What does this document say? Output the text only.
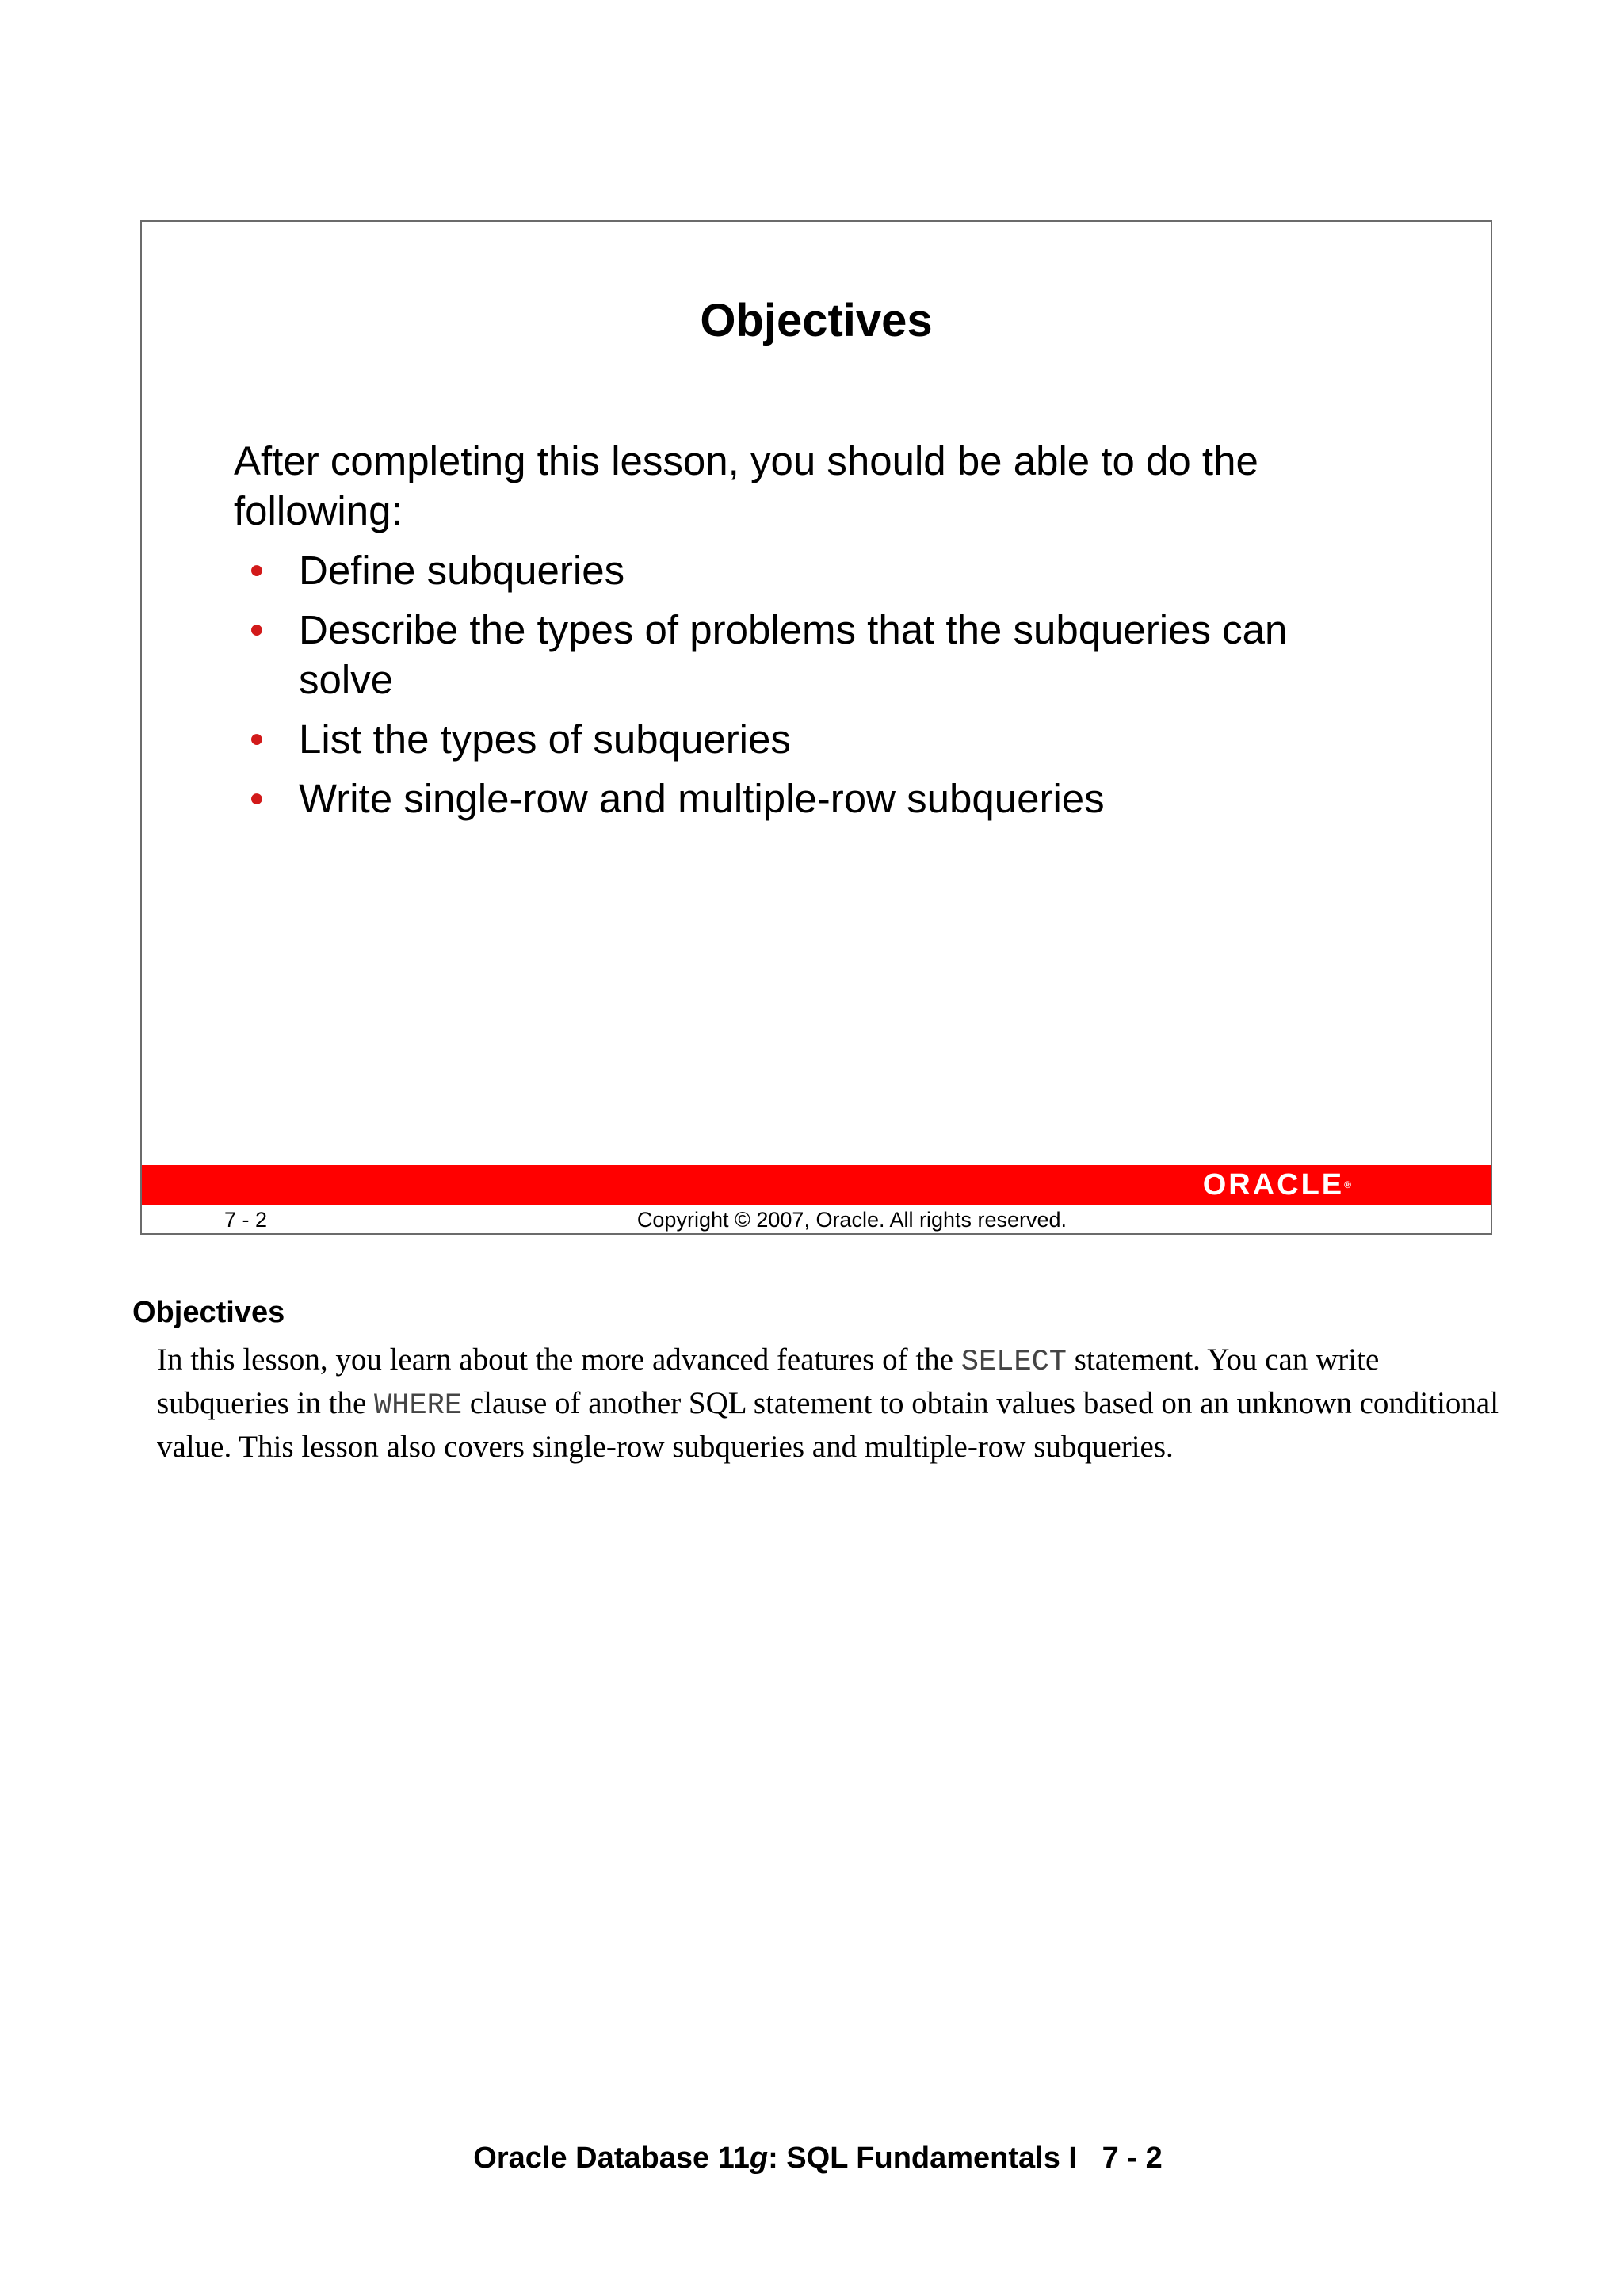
Objectives
After completing this lesson, you should be able to do the following:
• Define subqueries
• Describe the types of problems that the subqueries can solve
• List the types of subqueries
• Write single-row and multiple-row subqueries
ORACLE®
7 - 2	Copyright © 2007, Oracle. All rights reserved.
Objectives
In this lesson, you learn about the more advanced features of the SELECT statement. You can write subqueries in the WHERE clause of another SQL statement to obtain values based on an unknown conditional value. This lesson also covers single-row subqueries and multiple-row subqueries.
Oracle Database 11g: SQL Fundamentals I   7 - 2
